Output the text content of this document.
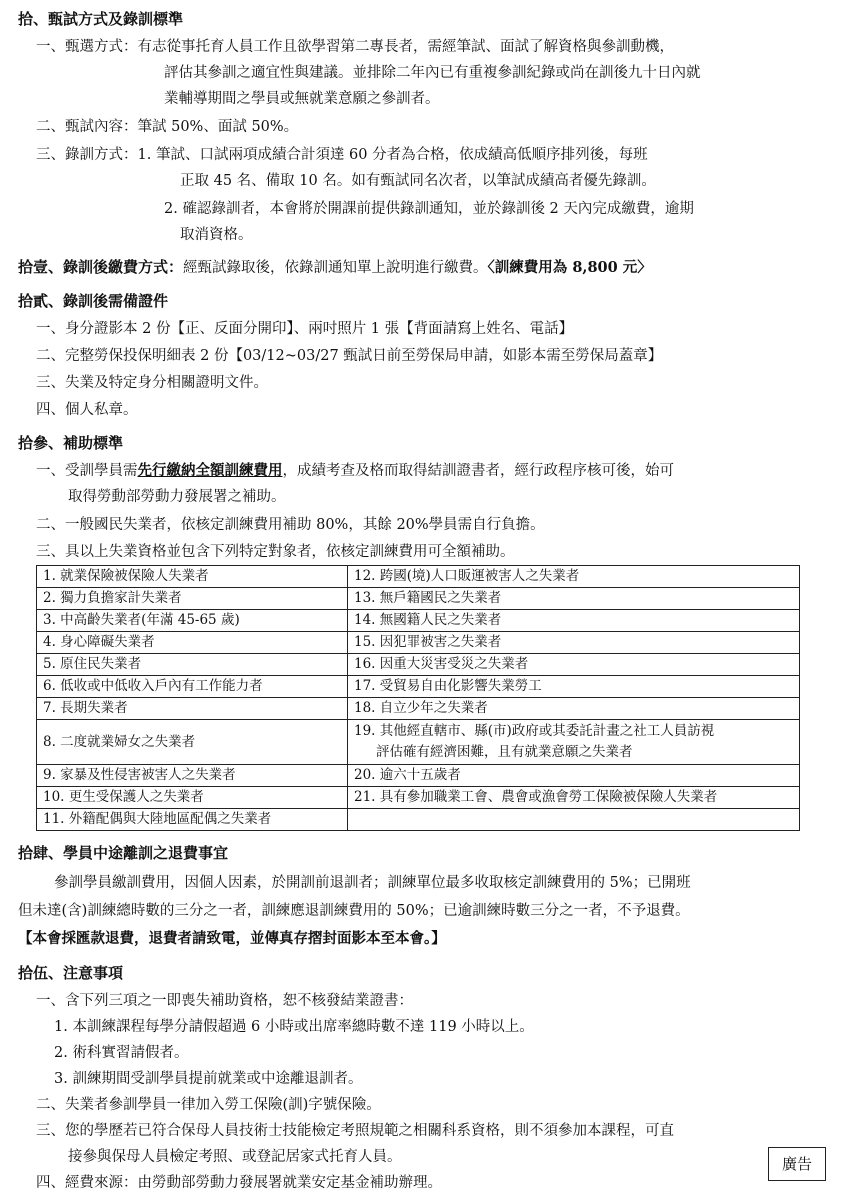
拾、甄試方式及錄訓標準
一、甄選方式：有志從事托育人員工作且欲學習第二專長者，需經筆試、面試了解資格與參訓動機，
評估其參訓之適宜性與建議。並排除二年內已有重複參訓紀錄或尚在訓後九十日內就
業輔導期間之學員或無就業意願之參訓者。
二、甄試內容：筆試 50%、面試 50%。
三、錄訓方式：1. 筆試、口試兩項成績合計須達 60 分者為合格，依成績高低順序排列後，每班
正取 45 名、備取 10 名。如有甄試同名次者，以筆試成績高者優先錄訓。
2. 確認錄訓者，本會將於開課前提供錄訓通知，並於錄訓後 2 天內完成繳費，逾期
取消資格。
拾壹、錄訓後繳費方式：經甄試錄取後，依錄訓通知單上說明進行繳費。〈訓練費用為 8,800 元〉
拾貳、錄訓後需備證件
一、身分證影本 2 份【正、反面分開印】、兩吋照片 1 張【背面請寫上姓名、電話】
二、完整勞保投保明細表 2 份【03/12~03/27 甄試日前至勞保局申請，如影本需至勞保局蓋章】
三、失業及特定身分相關證明文件。
四、個人私章。
拾參、補助標準
一、受訓學員需先行繳納全額訓練費用，成績考查及格而取得結訓證書者，經行政程序核可後，始可
取得勞動部勞動力發展署之補助。
二、一般國民失業者，依核定訓練費用補助 80%，其餘 20%學員需自行負擔。
三、具以上失業資格並包含下列特定對象者，依核定訓練費用可全額補助。
1. 就業保險被保險人失業者	12. 跨國(境)人口販運被害人之失業者
2. 獨力負擔家計失業者	13. 無戶籍國民之失業者
3. 中高齡失業者(年滿 45-65 歲)	14. 無國籍人民之失業者
4. 身心障礙失業者	15. 因犯罪被害之失業者
5. 原住民失業者	16. 因重大災害受災之失業者
6. 低收或中低收入戶內有工作能力者	17. 受貿易自由化影響失業勞工
7. 長期失業者	18. 自立少年之失業者
8. 二度就業婦女之失業者	19. 其他經直轄市、縣(市)政府或其委託計畫之社工人員訪視
評估確有經濟困難，且有就業意願之失業者

9. 家暴及性侵害被害人之失業者	20. 逾六十五歲者
10. 更生受保護人之失業者	21. 具有參加職業工會、農會或漁會勞工保險被保險人失業者
11. 外籍配偶與大陸地區配偶之失業者	
拾肆、學員中途離訓之退費事宜
參訓學員繳訓費用，因個人因素，於開訓前退訓者；訓練單位最多收取核定訓練費用的 5%；已開班
但未達(含)訓練總時數的三分之一者，訓練應退訓練費用的 50%；已逾訓練時數三分之一者，不予退費。
【本會採匯款退費，退費者請致電，並傳真存摺封面影本至本會。】
拾伍、注意事項
一、含下列三項之一即喪失補助資格，恕不核發結業證書：
1. 本訓練課程每學分請假超過 6 小時或出席率總時數不達 119 小時以上。
2. 術科實習請假者。
3. 訓練期間受訓學員提前就業或中途離退訓者。
二、失業者參訓學員一律加入勞工保險(訓)字號保險。
三、您的學歷若已符合保母人員技術士技能檢定考照規範之相關科系資格，則不須參加本課程，可直
接參與保母人員檢定考照、或登記居家式托育人員。
四、經費來源：由勞動部勞動力發展署就業安定基金補助辦理。
廣告
